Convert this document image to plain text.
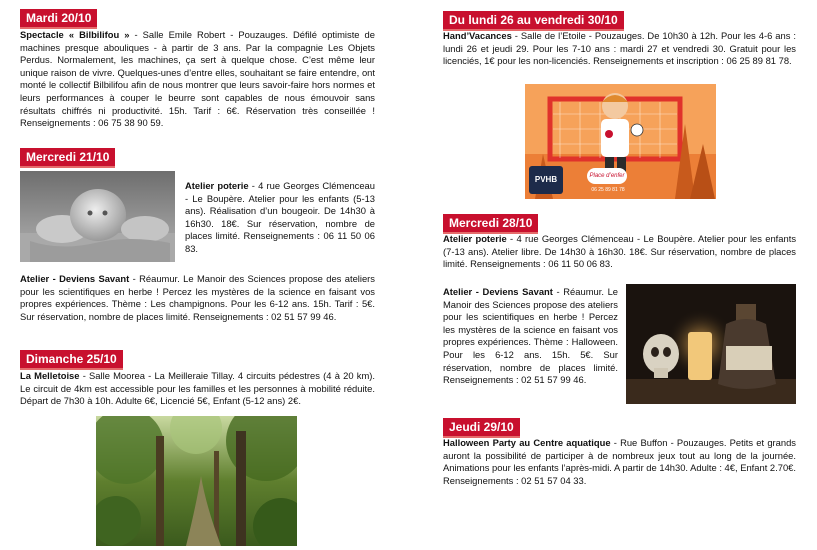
Mardi 20/10

Spectacle « Bilbilifou » - Salle Emile Robert - Pouzauges. Défilé optimiste de machines presque abouliques - à partir de 3 ans. Par la compagnie Les Objets Perdus. Normalement, les machines, ça sert à quelque chose. C’est même leur unique raison de vivre. Quelques-unes d’entre elles, souhaitant se faire entendre, ont monté le collectif Bilbilifou afin de nous montrer que leurs savoir-faire hors normes et leurs performances à couper le beurre sont capables de nous émouvoir sans résultats chiffrés ni productivité. 15h. Tarif : 6€. Réservation très conseillée ! Renseignements : 06 75 38 90 59.

Mercredi 21/10

Atelier poterie - 4 rue Georges Clémenceau - Le Boupère. Atelier pour les enfants (5-13 ans). Réalisation d’un bougeoir. De 14h30 à 16h30. 18€. Sur réservation, nombre de places limité. Renseignements : 06 11 50 06 83.

Atelier - Deviens Savant - Réaumur. Le Manoir des Sciences propose des ateliers pour les scientifiques en herbe ! Percez les mystères de la science en faisant vos propres expériences. Thème : Les champignons. Pour les 6-12 ans. 15h. Tarif : 5€. Sur réservation, nombre de places limité. Renseignements : 02 51 57 99 46.

Dimanche 25/10

La Melletoise - Salle Moorea - La Meilleraie Tillay. 4 circuits pédestres (4 à 20 km). Le circuit de 4km est accessible pour les familles et les personnes à mobilité réduite. Départ de 7h30 à 10h. Adulte 6€, Licencié 5€, Enfant (5-12 ans) 2€.

Du lundi 26 au vendredi 30/10

Hand’Vacances - Salle de l’Etoile - Pouzauges. De 10h30 à 12h. Pour les 4-6 ans : lundi 26 et jeudi 29. Pour les 7-10 ans : mardi 27 et vendredi 30. Gratuit pour les licenciés, 1€ pour les non-licenciés. Renseignements et inscription : 06 25 89 81 78.

PVHB	Place d’enfer
06 25 89 81 78
Mercredi 28/10

Atelier poterie - 4 rue Georges Clémenceau - Le Boupère. Atelier pour les enfants (7-13 ans). Atelier libre. De 14h30 à 16h30. 18€. Sur réservation, nombre de places limité. Renseignements : 06 11 50 06 83.

Atelier - Deviens Savant - Réaumur. Le Manoir des Sciences propose des ateliers pour les scientifiques en herbe ! Percez les mystères de la science en faisant vos propres expériences. Thème : Halloween. Pour les 6-12 ans. 15h. 5€. Sur réservation, nombre de places limité. Renseignements : 02 51 57 99 46.

Jeudi 29/10

Halloween Party au Centre aquatique - Rue Buffon - Pouzauges. Petits et grands auront la possibilité de participer à de nombreux jeux tout au long de la journée. Animations pour les enfants l’après-midi. A partir de 14h30. Adulte : 4€, Enfant 2.70€. Renseignements : 02 51 57 04 33.
